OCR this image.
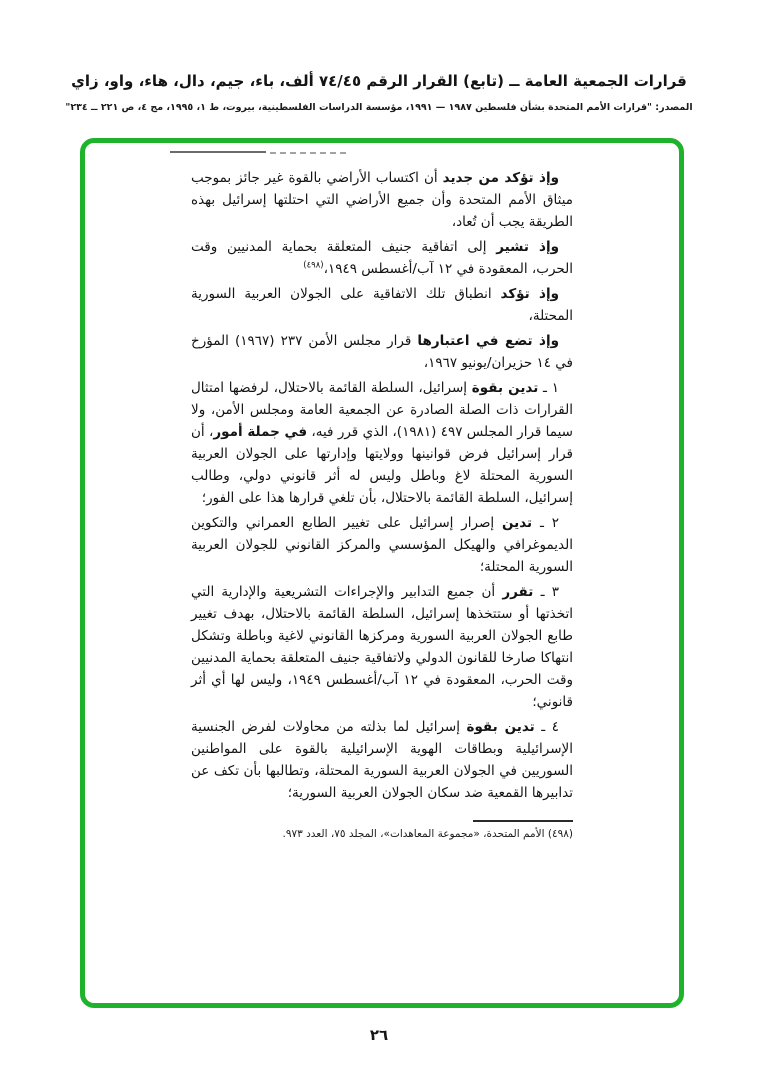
قرارات الجمعية العامة ــ (تابع) القرار الرقم ٧٤/٤٥ ألف، باء، جيم، دال، هاء، واو، زاي
المصدر: "قرارات الأمم المتحدة بشأن فلسطين ١٩٨٧ — ١٩٩١، مؤسسة الدراسات الفلسطينية، بيروت، ط ١، ١٩٩٥، مج ٤، ص ٢٢١ ــ ٢٣٤"

وإذ تؤكد من جديد أن اكتساب الأراضي بالقوة غير جائز بموجب ميثاق الأمم المتحدة وأن جميع الأراضي التي احتلتها إسرائيل بهذه الطريقة يجب أن تُعاد،

وإذ تشير إلى اتفاقية جنيف المتعلقة بحماية المدنيين وقت الحرب، المعقودة في ١٢ آب/أغسطس ١٩٤٩،$^{(٤٩٨)}$

وإذ تؤكد انطباق تلك الاتفاقية على الجولان العربية السورية المحتلة،

وإذ تضع في اعتبارها قرار مجلس الأمن ٢٣٧ (١٩٦٧) المؤرخ في ١٤ حزيران/يونيو ١٩٦٧،

١ ـ تدين بقوة إسرائيل، السلطة القائمة بالاحتلال، لرفضها امتثال القرارات ذات الصلة الصادرة عن الجمعية العامة ومجلس الأمن، ولا سيما قرار المجلس ٤٩٧ (١٩٨١)، الذي قرر فيه، في جملة أمور، أن قرار إسرائيل فرض قوانينها وولايتها وإدارتها على الجولان العربية السورية المحتلة لاغ وباطل وليس له أثر قانوني دولي، وطالب إسرائيل، السلطة القائمة بالاحتلال، بأن تلغي قرارها هذا على الفور؛

٢ ـ تدين إصرار إسرائيل على تغيير الطابع العمراني والتكوين الديموغرافي والهيكل المؤسسي والمركز القانوني للجولان العربية السورية المحتلة؛

٣ ـ تقرر أن جميع التدابير والإجراءات التشريعية والإدارية التي اتخذتها أو ستتخذها إسرائيل، السلطة القائمة بالاحتلال، بهدف تغيير طابع الجولان العربية السورية ومركزها القانوني لاغية وباطلة وتشكل انتهاكا صارخا للقانون الدولي ولاتفاقية جنيف المتعلقة بحماية المدنيين وقت الحرب، المعقودة في ١٢ آب/أغسطس ١٩٤٩، وليس لها أي أثر قانوني؛

٤ ـ تدين بقوة إسرائيل لما بذلته من محاولات لفرض الجنسية الإسرائيلية وبطاقات الهوية الإسرائيلية بالقوة على المواطنين السوريين في الجولان العربية السورية المحتلة، وتطالبها بأن تكف عن تدابيرها القمعية ضد سكان الجولان العربية السورية؛

(٤٩٨) الأمم المتحدة، «مجموعة المعاهدات»، المجلد ٧٥، العدد ٩٧٣.
٢٦
